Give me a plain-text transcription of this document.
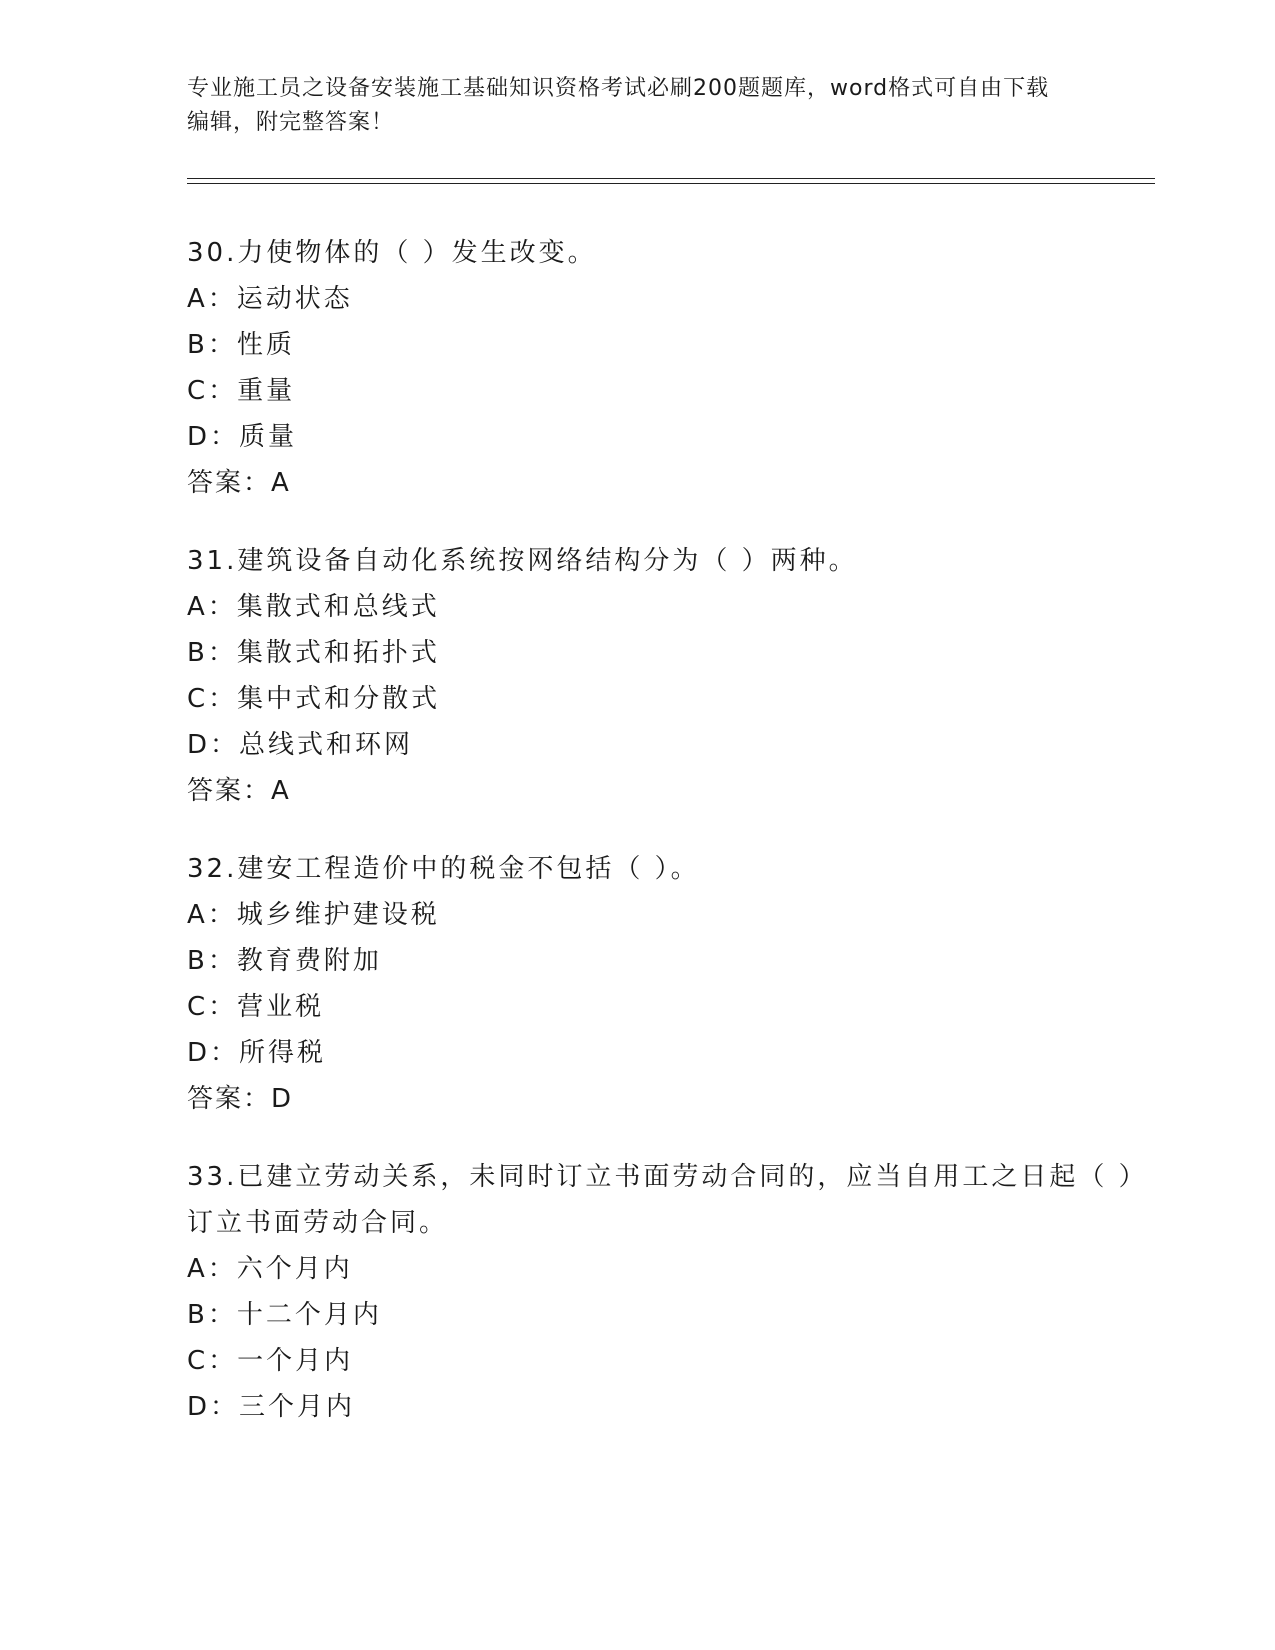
专业施工员之设备安装施工基础知识资格考试必刷200题题库，word格式可自由下载编辑，附完整答案！
30.力使物体的（ ）发生改变。
A：运动状态
B：性质
C：重量
D：质量
答案：A
31.建筑设备自动化系统按网络结构分为（ ）两种。
A：集散式和总线式
B：集散式和拓扑式
C：集中式和分散式
D：总线式和环网
答案：A
32.建安工程造价中的税金不包括（ ）。
A：城乡维护建设税
B：教育费附加
C：营业税
D：所得税
答案：D
33.已建立劳动关系，未同时订立书面劳动合同的，应当自用工之日起（ ）订立书面劳动合同。
A：六个月内
B：十二个月内
C：一个月内
D：三个月内
